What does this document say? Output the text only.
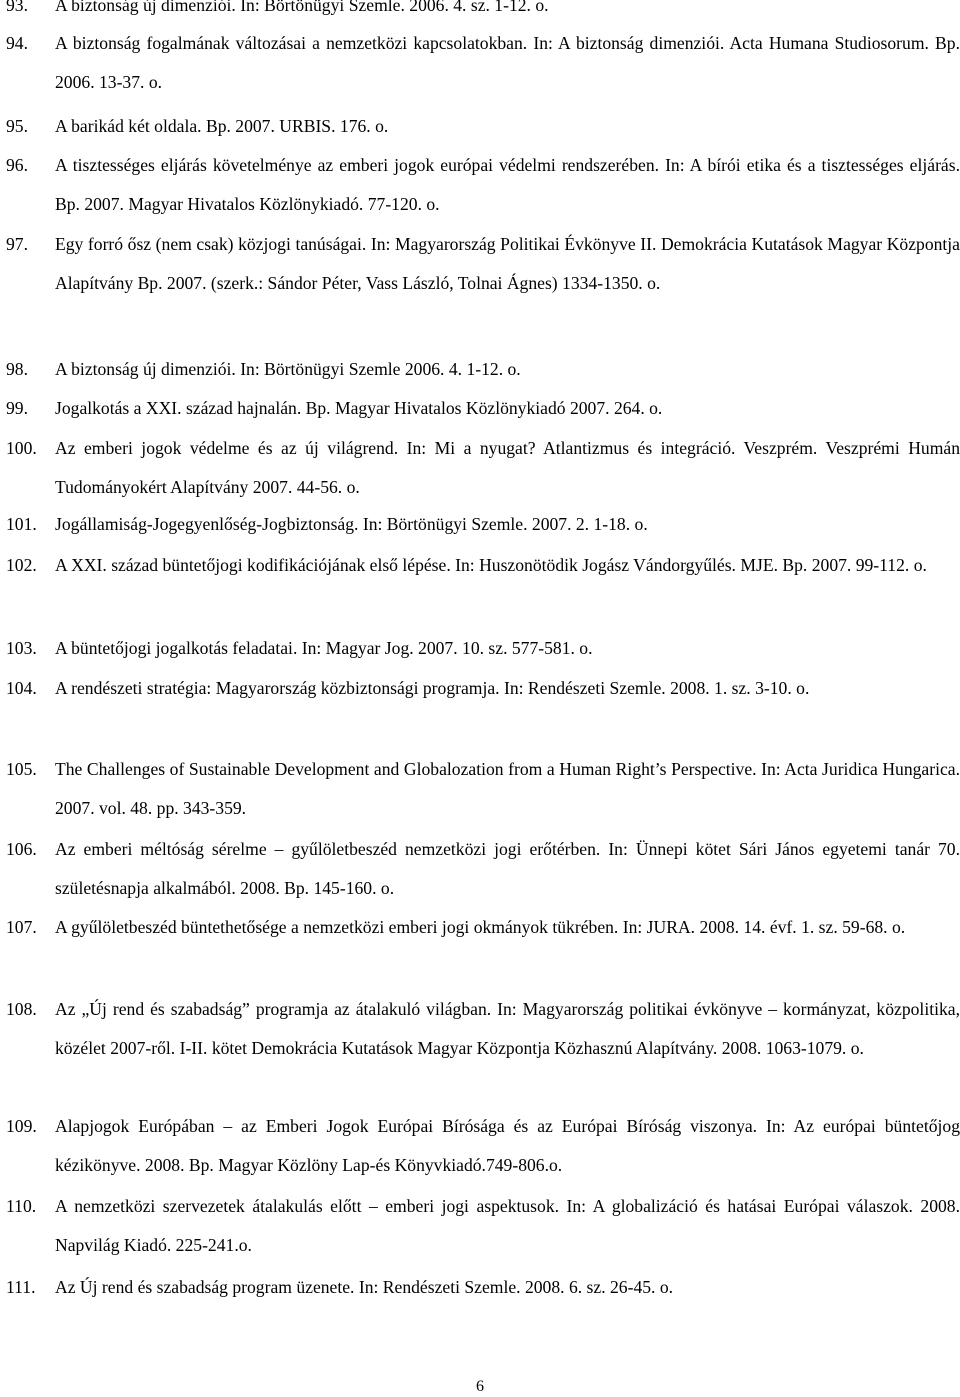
93. A biztonság új dimenziói. In: Börtönügyi Szemle. 2006. 4. sz. 1-12. o.
94. A biztonság fogalmának változásai a nemzetközi kapcsolatokban. In: A biztonság dimenziói. Acta Humana Studiosorum. Bp. 2006. 13-37. o.
95. A barikád két oldala. Bp. 2007. URBIS. 176. o.
96. A tisztességes eljárás követelménye az emberi jogok európai védelmi rendszerében. In: A bírói etika és a tisztességes eljárás. Bp. 2007. Magyar Hivatalos Közlönykiadó. 77-120. o.
97. Egy forró ősz (nem csak) közjogi tanúságai. In: Magyarország Politikai Évkönyve II. Demokrácia Kutatások Magyar Központja Alapítvány Bp. 2007. (szerk.: Sándor Péter, Vass László, Tolnai Ágnes) 1334-1350. o.
98. A biztonság új dimenziói. In: Börtönügyi Szemle 2006. 4. 1-12. o.
99. Jogalkotás a XXI. század hajnalán. Bp. Magyar Hivatalos Közlönykiadó 2007. 264. o.
100. Az emberi jogok védelme és az új világrend. In: Mi a nyugat? Atlantizmus és integráció. Veszprém. Veszprémi Humán Tudományokért Alapítvány 2007. 44-56. o.
101. Jogállamiság-Jogegyenlőség-Jogbiztonság. In: Börtönügyi Szemle. 2007. 2. 1-18. o.
102. A XXI. század büntetőjogi kodifikációjának első lépése. In: Huszonötödik Jogász Vándorgyűlés. MJE. Bp. 2007. 99-112. o.
103. A büntetőjogi jogalkotás feladatai. In: Magyar Jog. 2007. 10. sz. 577-581. o.
104. A rendészeti stratégia: Magyarország közbiztonsági programja. In: Rendészeti Szemle. 2008. 1. sz. 3-10. o.
105. The Challenges of Sustainable Development and Globalozation from a Human Right’s Perspective. In: Acta Juridica Hungarica. 2007. vol. 48. pp. 343-359.
106. Az emberi méltóság sérelme – gyűlöletbeszéd nemzetközi jogi erőtérben. In: Ünnepi kötet Sári János egyetemi tanár 70. születésnapja alkalmából. 2008. Bp. 145-160. o.
107. A gyűlöletbeszéd büntethetősége a nemzetközi emberi jogi okmányok tükrében. In: JURA. 2008. 14. évf. 1. sz. 59-68. o.
108. Az „Új rend és szabadság” programja az átalakuló világban. In: Magyarország politikai évkönyve – kormányzat, közpolitika, közélet 2007-ről. I-II. kötet Demokrácia Kutatások Magyar Központja Közhasznú Alapítvány. 2008. 1063-1079. o.
109. Alapjogok Európában – az Emberi Jogok Európai Bírósága és az Európai Bíróság viszonya. In: Az európai büntetőjog kézikönyve. 2008. Bp. Magyar Közlöny Lap-és Könyvkiadó.749-806.o.
110. A nemzetközi szervezetek átalakulás előtt – emberi jogi aspektusok. In: A globalizáció és hatásai Európai válaszok. 2008. Napvilág Kiadó. 225-241.o.
111. Az Új rend és szabadság program üzenete. In: Rendészeti Szemle. 2008. 6. sz. 26-45. o.
6
